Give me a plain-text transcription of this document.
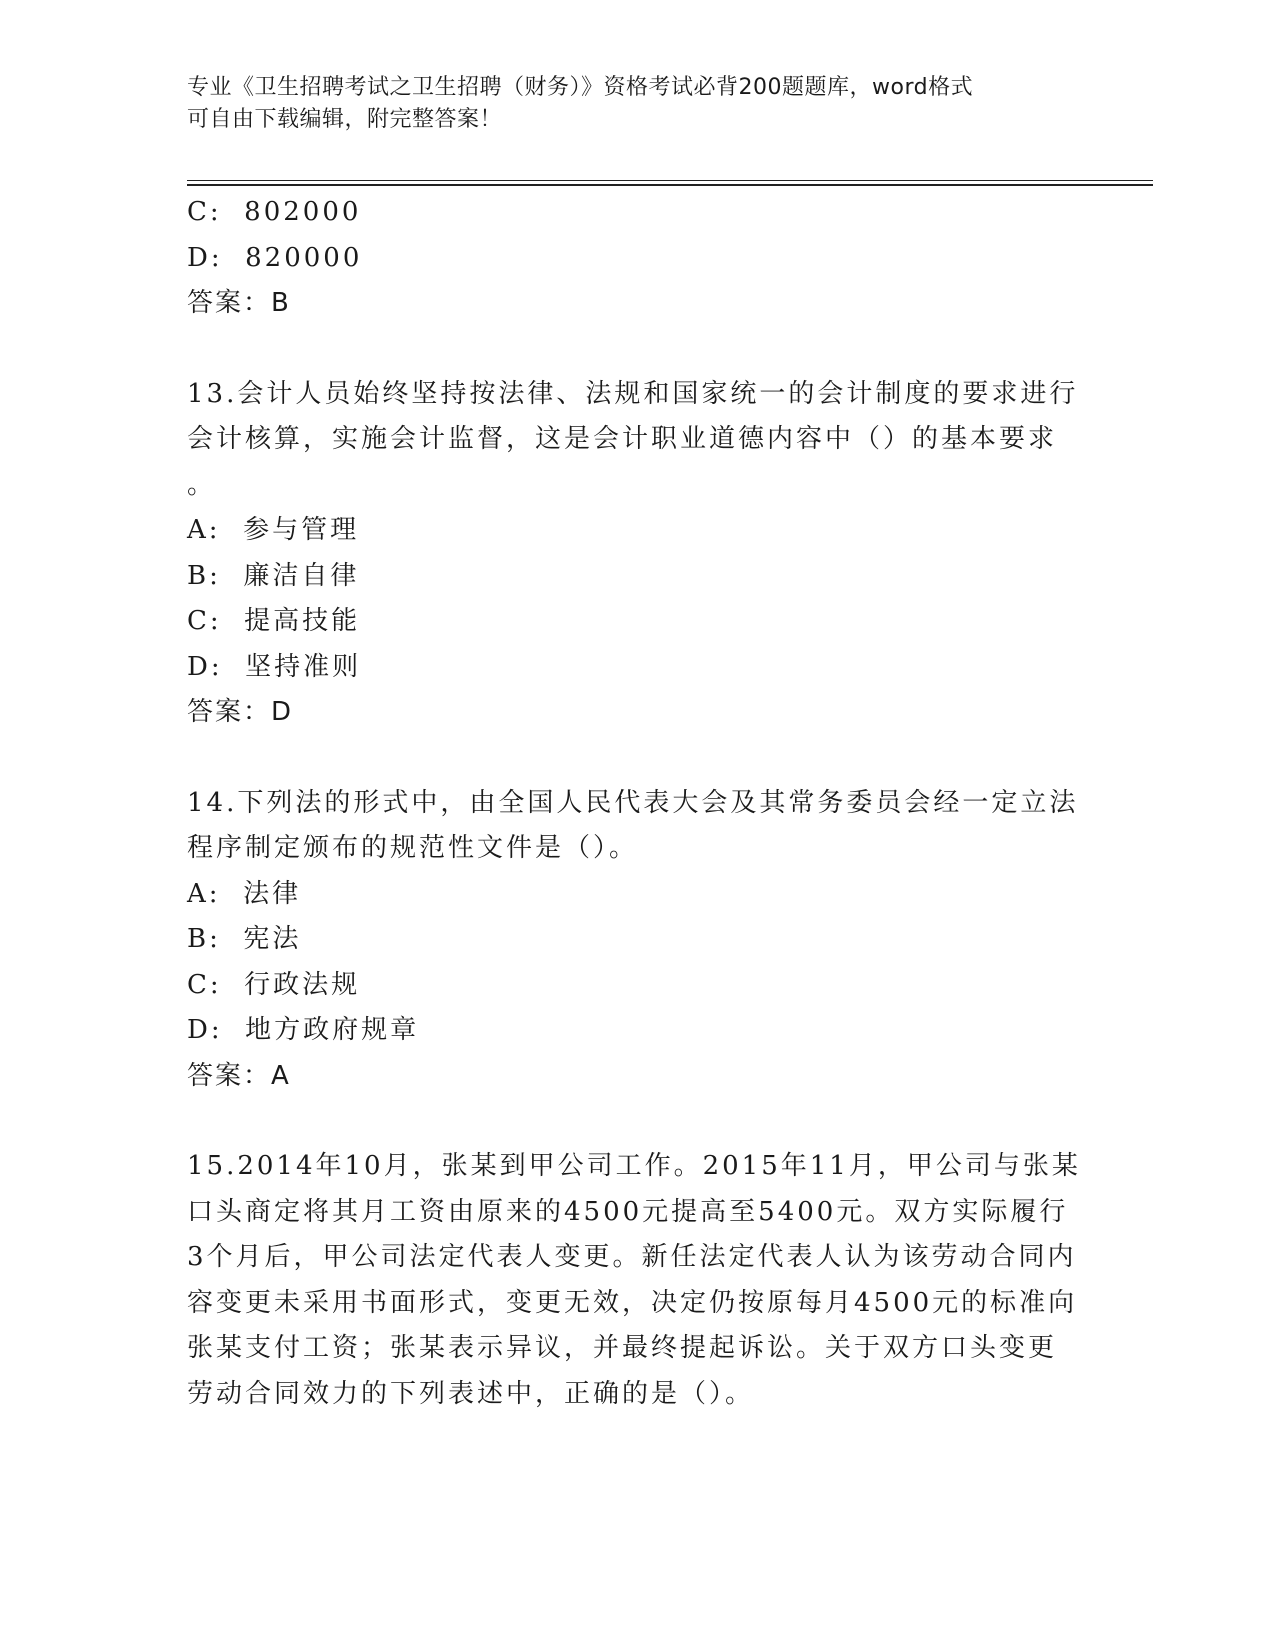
专业《卫生招聘考试之卫生招聘（财务）》资格考试必背200题题库，word格式
可自由下载编辑，附完整答案！
C:  802000
D:  820000
答案：B
13.会计人员始终坚持按法律、法规和国家统一的会计制度的要求进行
会计核算，实施会计监督，这是会计职业道德内容中（）的基本要求
。
A:  参与管理
B:  廉洁自律
C:  提高技能
D:  坚持准则
答案：D
14.下列法的形式中，由全国人民代表大会及其常务委员会经一定立法
程序制定颁布的规范性文件是（）。
A:  法律
B:  宪法
C:  行政法规
D:  地方政府规章
答案：A
15.2014年10月，张某到甲公司工作。2015年11月，甲公司与张某
口头商定将其月工资由原来的4500元提高至5400元。双方实际履行
3个月后，甲公司法定代表人变更。新任法定代表人认为该劳动合同内
容变更未采用书面形式，变更无效，决定仍按原每月4500元的标准向
张某支付工资；张某表示异议，并最终提起诉讼。关于双方口头变更
劳动合同效力的下列表述中，正确的是（）。
